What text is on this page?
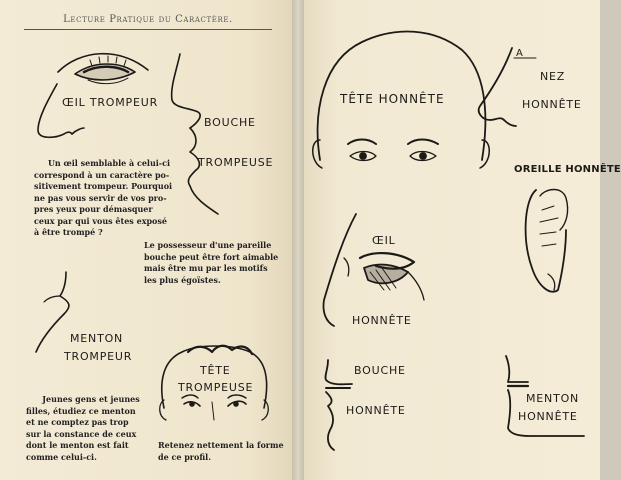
Lecture Pratique du Caractère.
ŒIL TROMPEUR
BOUCHE
TROMPEUSE
Un œil semblable à celui-ci
correspond à un caractère po-
sitivement trompeur. Pourquoi
ne pas vous servir de vos pro-
pres yeux pour démasquer
ceux par qui vous êtes exposé
à être trompé ?
Le possesseur d'une pareille
bouche peut être fort aimable
mais être mu par les motifs
les plus égoïstes.
MENTON
TROMPEUR
TÊTE
TROMPEUSE
Jeunes gens et jeunes
filles, étudiez ce menton
et ne comptez pas trop
sur la constance de ceux
dont le menton est fait
comme celui-ci.
Retenez nettement la forme
de ce profil.
TÊTE HONNÊTE
A
NEZ
HONNÊTE
OREILLE HONNÊTE
ŒIL
HONNÊTE
BOUCHE
HONNÊTE
MENTON
HONNÊTE
